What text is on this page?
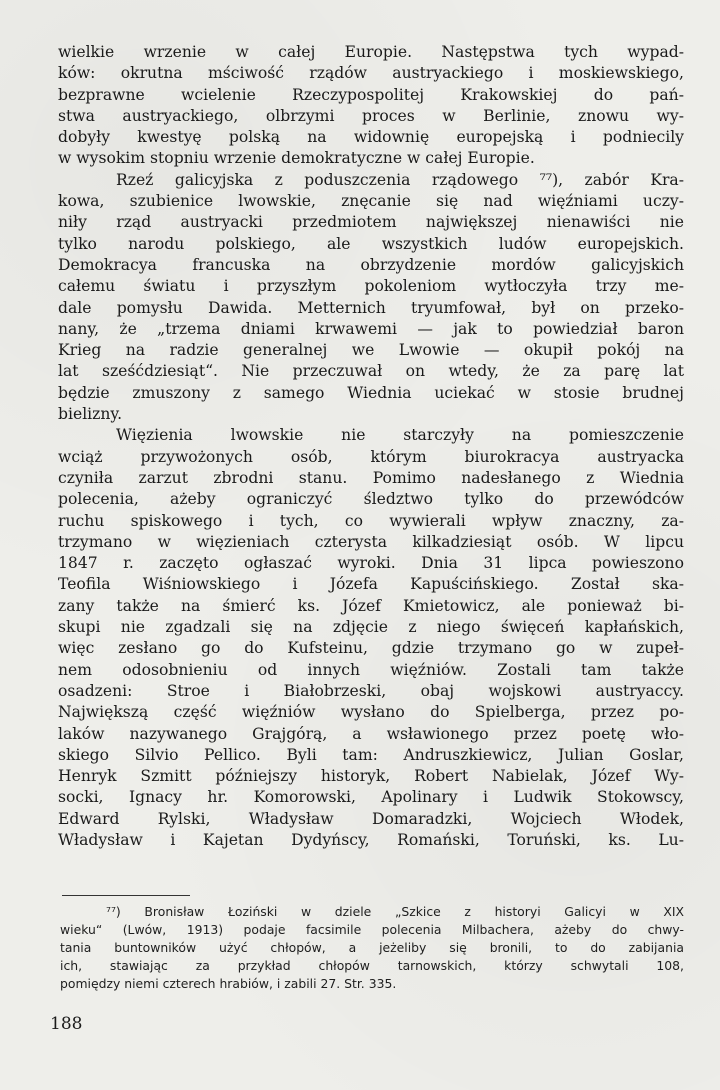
wielkie wrzenie w całej Europie. Następstwa tych wypad-
ków: okrutna mściwość rządów austryackiego i moskiewskiego,
bezprawne wcielenie Rzeczypospolitej Krakowskiej do pań-
stwa austryackiego, olbrzymi proces w Berlinie, znowu wy-
dobyły kwestyę polską na widownię europejską i podniecily
w wysokim stopniu wrzenie demokratyczne w całej Europie.
Rzeź galicyjska z poduszczenia rządowego ⁷⁷), zabór Kra-
kowa, szubienice lwowskie, znęcanie się nad więźniami uczy-
niły rząd austryacki przedmiotem największej nienawiści nie
tylko narodu polskiego, ale wszystkich ludów europejskich.
Demokracya francuska na obrzydzenie mordów galicyjskich
całemu światu i przyszłym pokoleniom wytłoczyła trzy me-
dale pomysłu Dawida. Metternich tryumfował, był on przeko-
nany, że „trzema dniami krwawemi — jak to powiedział baron
Krieg na radzie generalnej we Lwowie — okupił pokój na
lat sześćdziesiąt“. Nie przeczuwał on wtedy, że za parę lat
będzie zmuszony z samego Wiednia uciekać w stosie brudnej
bielizny.
Więzienia lwowskie nie starczyły na pomieszczenie
wciąż przywożonych osób, którym biurokracya austryacka
czyniła zarzut zbrodni stanu. Pomimo nadesłanego z Wiednia
polecenia, ażeby ograniczyć śledztwo tylko do przewódców
ruchu spiskowego i tych, co wywierali wpływ znaczny, za-
trzymano w więzieniach czterysta kilkadziesiąt osób. W lipcu
1847 r. zaczęto ogłaszać wyroki. Dnia 31 lipca powieszono
Teofila Wiśniowskiego i Józefa Kapuścińskiego. Został ska-
zany także na śmierć ks. Józef Kmietowicz, ale ponieważ bi-
skupi nie zgadzali się na zdjęcie z niego święceń kapłańskich,
więc zesłano go do Kufsteinu, gdzie trzymano go w zupeł-
nem odosobnieniu od innych więźniów. Zostali tam także
osadzeni: Stroe i Białobrzeski, obaj wojskowi austryaccy.
Największą część więźniów wysłano do Spielberga, przez po-
laków nazywanego Grajgórą, a wsławionego przez poetę wło-
skiego Silvio Pellico. Byli tam: Andruszkiewicz, Julian Goslar,
Henryk Szmitt późniejszy historyk, Robert Nabielak, Józef Wy-
socki, Ignacy hr. Komorowski, Apolinary i Ludwik Stokowscy,
Edward Rylski, Władysław Domaradzki, Wojciech Włodek,
Władysław i Kajetan Dydyńscy, Romański, Toruński, ks. Lu-
⁷⁷) Bronisław Łoziński w dziele „Szkice z historyi Galicyi w XIX
wieku“ (Lwów, 1913) podaje facsimile polecenia Milbachera, ażeby do chwy-
tania buntowników użyć chłopów, a jeżeliby się bronili, to do zabijania
ich, stawiając za przykład chłopów tarnowskich, którzy schwytali 108,
pomiędzy niemi czterech hrabiów, i zabili 27. Str. 335.
188
